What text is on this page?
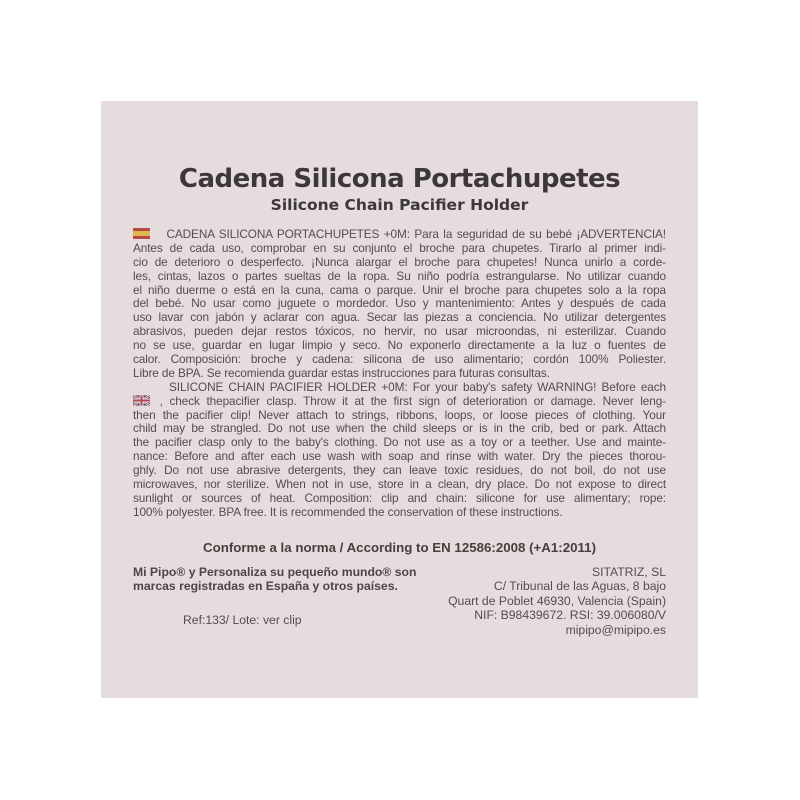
Cadena Silicona Portachupetes
Silicone Chain Pacifier Holder
CADENA SILICONA PORTACHUPETES +0M: Para la seguridad de su bebé ¡ADVERTENCIA!
Antes de cada uso, comprobar en su conjunto el broche para chupetes. Tirarlo al primer indi-
cio de deterioro o desperfecto. ¡Nunca alargar el broche para chupetes! Nunca unirlo a corde-
les, cintas, lazos o partes sueltas de la ropa. Su niño podría estrangularse. No utilizar cuando
el niño duerme o está en la cuna, cama o parque. Unir el broche para chupetes solo a la ropa
del bebé. No usar como juguete o mordedor. Uso y mantenimiento: Antes y después de cada
uso lavar con jabón y aclarar con agua. Secar las piezas a conciencia. No utilizar detergentes
abrasivos, pueden dejar restos tóxicos, no hervir, no usar microondas, ni esterilizar. Cuando
no se use, guardar en lugar limpio y seco. No exponerlo directamente a la luz o fuentes de
calor. Composición: broche y cadena: silicona de uso alimentario; cordón 100% Poliester.
Libre de BPA. Se recomienda guardar estas instrucciones para futuras consultas.
SILICONE CHAIN PACIFIER HOLDER +0M: For your baby's safety WARNING! Before each
, check thepacifier clasp. Throw it at the first sign of deterioration or damage. Never leng-
then the pacifier clip! Never attach to strings, ribbons, loops, or loose pieces of clothing. Your
child may be strangled. Do not use when the child sleeps or is in the crib, bed or park. Attach
the pacifier clasp only to the baby's clothing. Do not use as a toy or a teether. Use and mainte-
nance: Before and after each use wash with soap and rinse with water. Dry the pieces thorou-
ghly. Do not use abrasive detergents, they can leave toxic residues, do not boil, do not use
microwaves, nor sterilize. When not in use, store in a clean, dry place. Do not expose to direct
sunlight or sources of heat. Composition: clip and chain: silicone for use alimentary; rope:
100% polyester. BPA free. It is recommended the conservation of these instructions.
Conforme a la norma / According to EN 12586:2008 (+A1:2011)
Mi Pipo® y Personaliza su pequeño mundo® son
marcas registradas en España y otros países.
Ref:133/ Lote: ver clip
SITATRIZ, SL
C/ Tribunal de las Aguas, 8 bajo
Quart de Poblet 46930, Valencia (Spain)
NIF: B98439672. RSI: 39.006080/V
mipipo@mipipo.es
